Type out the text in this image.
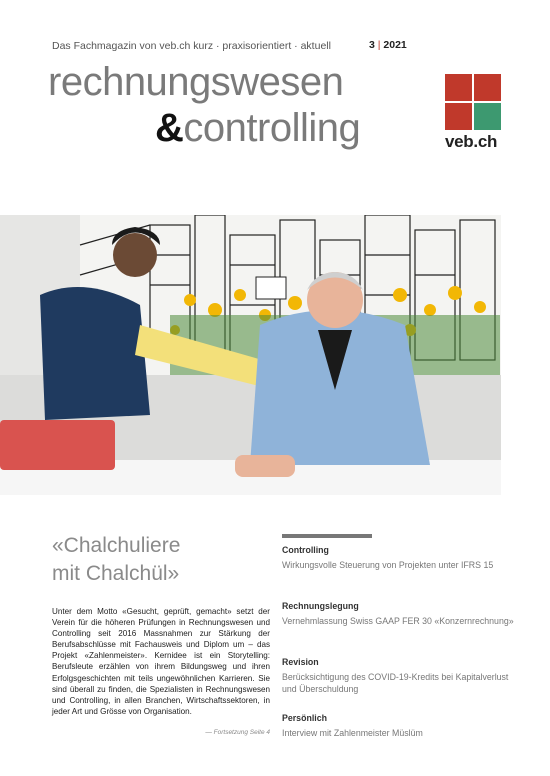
Das Fachmagazin von veb.ch kurz · praxisorientiert · aktuell	3 | 2021
rechnungswesen
&controlling	veb.ch
«Chalchuliere
mit Chalchül»
Unter dem Motto «Gesucht, geprüft, gemacht» setzt der Verein für die höheren Prüfungen in Rechnungswesen und Controlling seit 2016 Massnahmen zur Stärkung der Berufsabschlüsse mit Fachausweis und Diplom um – das Projekt «Zahlenmeister». Kernidee ist ein Storytelling: Berufsleute erzählen von ihrem Bildungsweg und ihren Erfolgsgeschichten mit teils ungewöhnlichen Karrieren. Sie sind überall zu finden, die Spezialisten in Rechnungswesen und Controlling, in allen Branchen, Wirtschaftssektoren, in jeder Art und Grösse von Organisation.
— Fortsetzung Seite 4
Controlling
Wirkungsvolle Steuerung von Projekten unter IFRS 15
Rechnungslegung
Vernehmlassung Swiss GAAP FER 30 «Konzernrechnung»
Revision
Berücksichtigung des COVID-19-Kredits bei Kapitalverlust und Überschuldung
Persönlich
Interview mit Zahlenmeister Müslüm
